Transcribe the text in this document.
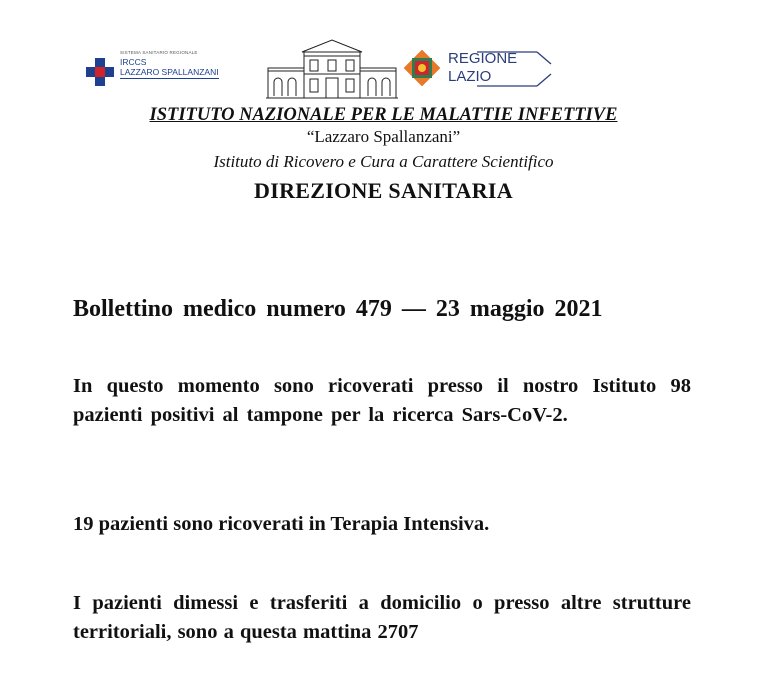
SISTEMA SANITARIO REGIONALE
IRCCS
LAZZARO SPALLANZANI
REGIONE
LAZIO
ISTITUTO NAZIONALE PER LE MALATTIE INFETTIVE
“Lazzaro Spallanzani”
Istituto di Ricovero e Cura a Carattere Scientifico
DIREZIONE SANITARIA
Bollettino medico numero 479 — 23 maggio 2021
In questo momento sono ricoverati presso il nostro Istituto 98 pazienti positivi al tampone per la ricerca Sars-CoV-2.
19 pazienti sono ricoverati in Terapia Intensiva.
I pazienti dimessi e trasferiti a domicilio o presso altre strutture territoriali, sono a questa mattina 2707
